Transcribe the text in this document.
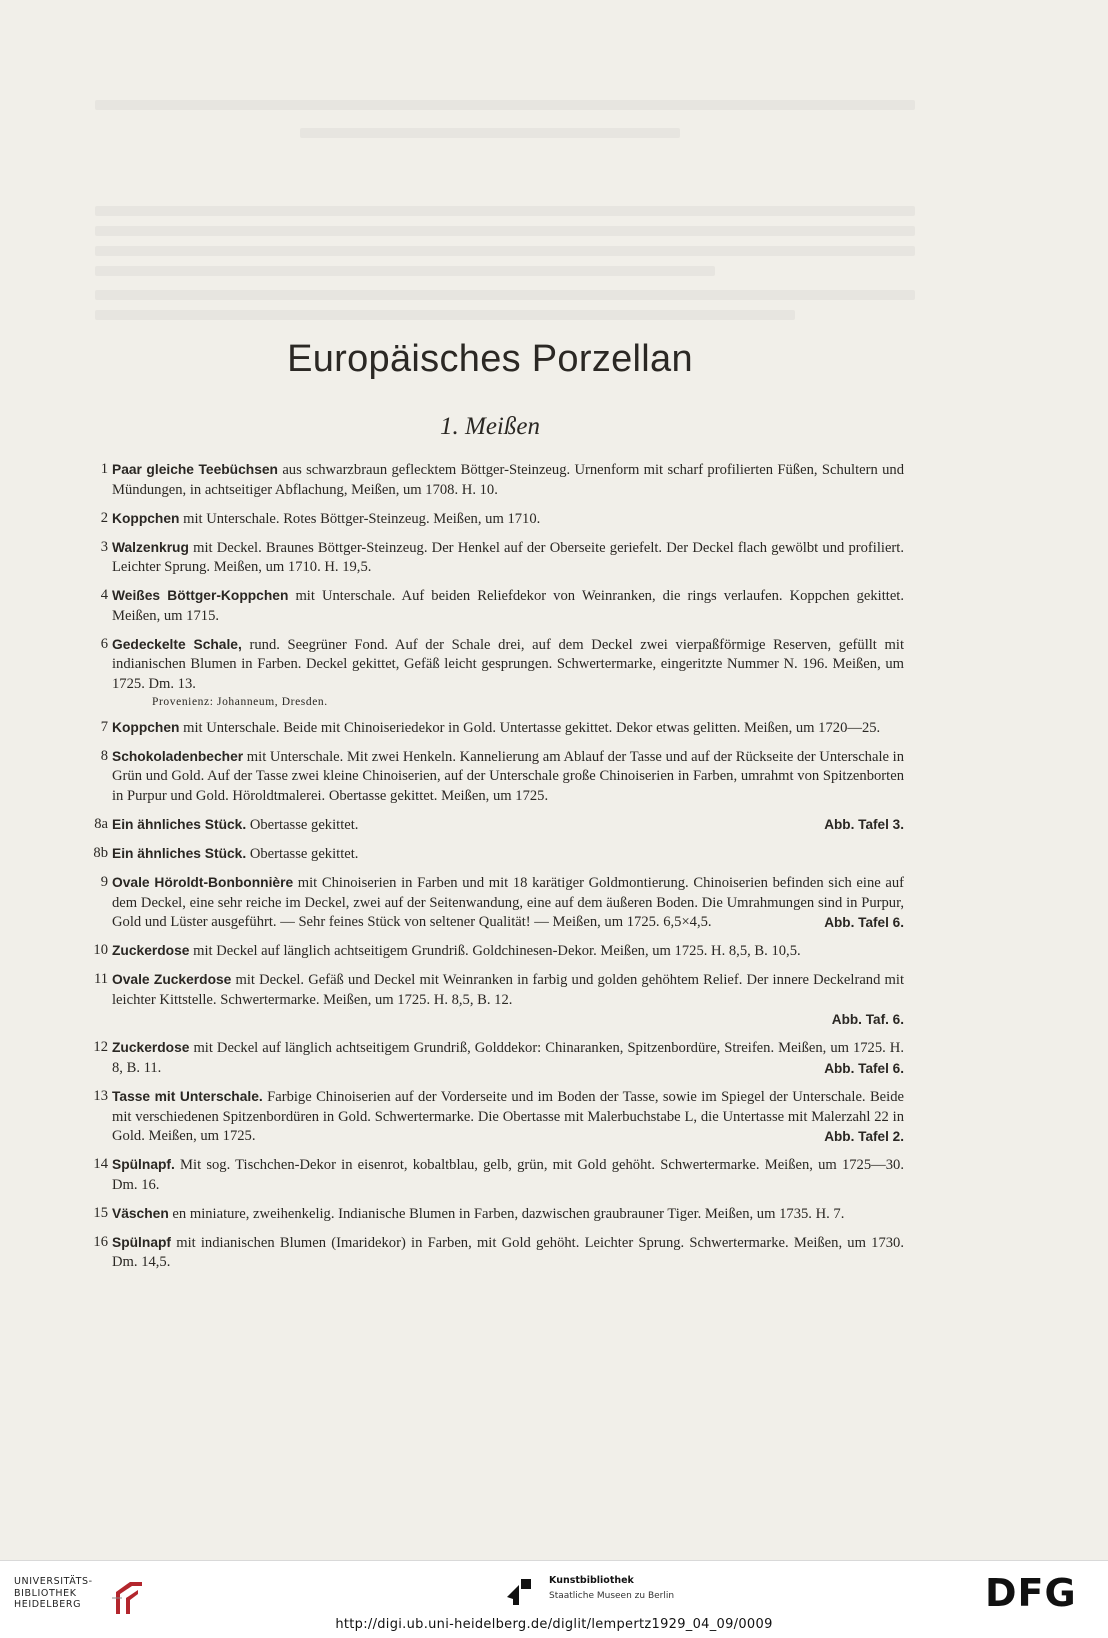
Europäisches Porzellan
1. Meißen
1 Paar gleiche Teebüchsen aus schwarzbraun geflecktem Böttger-Steinzeug. Urnenform mit scharf profilierten Füßen, Schultern und Mündungen, in achtseitiger Abflachung, Meißen, um 1708. H. 10.
2 Koppchen mit Unterschale. Rotes Böttger-Steinzeug. Meißen, um 1710.
3 Walzenkrug mit Deckel. Braunes Böttger-Steinzeug. Der Henkel auf der Oberseite geriefelt. Der Deckel flach gewölbt und profiliert. Leichter Sprung. Meißen, um 1710. H. 19,5.
4 Weißes Böttger-Koppchen mit Unterschale. Auf beiden Reliefdekor von Weinranken, die rings verlaufen. Koppchen gekittet. Meißen, um 1715.
6 Gedeckelte Schale, rund. Seegrüner Fond. Auf der Schale drei, auf dem Deckel zwei vierpaßförmige Reserven, gefüllt mit indianischen Blumen in Farben. Deckel gekittet, Gefäß leicht gesprungen. Schwertermarke, eingeritzte Nummer N. 196. Meißen, um 1725. Dm. 13.
Provenienz: Johanneum, Dresden.
7 Koppchen mit Unterschale. Beide mit Chinoiseriedekor in Gold. Untertasse gekittet. Dekor etwas gelitten. Meißen, um 1720—25.
8 Schokoladenbecher mit Unterschale. Mit zwei Henkeln. Kannelierung am Ablauf der Tasse und auf der Rückseite der Unterschale in Grün und Gold. Auf der Tasse zwei kleine Chinoiserien, auf der Unterschale große Chinoiserien in Farben, umrahmt von Spitzenborten in Purpur und Gold. Höroldtmalerei. Obertasse gekittet. Meißen, um 1725.
8a Ein ähnliches Stück. Obertasse gekittet.	Abb. Tafel 3.
8b Ein ähnliches Stück. Obertasse gekittet.
9 Ovale Höroldt-Bonbonnière mit Chinoiserien in Farben und mit 18 karätiger Goldmontierung. Chinoiserien befinden sich eine auf dem Deckel, eine sehr reiche im Deckel, zwei auf der Seitenwandung, eine auf dem äußeren Boden. Die Umrahmungen sind in Purpur, Gold und Lüster ausgeführt. — Sehr feines Stück von seltener Qualität! — Meißen, um 1725. 6,5×4,5.	Abb. Tafel 6.
10 Zuckerdose mit Deckel auf länglich achtseitigem Grundriß. Goldchinesen-Dekor. Meißen, um 1725. H. 8,5, B. 10,5.
11 Ovale Zuckerdose mit Deckel. Gefäß und Deckel mit Weinranken in farbig und golden gehöhtem Relief. Der innere Deckelrand mit leichter Kittstelle. Schwertermarke. Meißen, um 1725. H. 8,5, B. 12.
Abb. Taf. 6.
12 Zuckerdose mit Deckel auf länglich achtseitigem Grundriß, Golddekor: Chinaranken, Spitzenbordüre, Streifen. Meißen, um 1725. H. 8, B. 11.	Abb. Tafel 6.
13 Tasse mit Unterschale. Farbige Chinoiserien auf der Vorderseite und im Boden der Tasse, sowie im Spiegel der Unterschale. Beide mit verschiedenen Spitzenbordüren in Gold. Schwertermarke. Die Obertasse mit Malerbuchstabe L, die Untertasse mit Malerzahl 22 in Gold. Meißen, um 1725.	Abb. Tafel 2.
14 Spülnapf. Mit sog. Tischchen-Dekor in eisenrot, kobaltblau, gelb, grün, mit Gold gehöht. Schwertermarke. Meißen, um 1725—30. Dm. 16.
15 Väschen en miniature, zweihenkelig. Indianische Blumen in Farben, dazwischen graubrauner Tiger. Meißen, um 1735. H. 7.
16 Spülnapf mit indianischen Blumen (Imaridekor) in Farben, mit Gold gehöht. Leichter Sprung. Schwertermarke. Meißen, um 1730. Dm. 14,5.
UNIVERSITÄTS-
BIBLIOTHEK
HEIDELBERG
Kunstbibliothek
Staatliche Museen zu Berlin	DFG
http://digi.ub.uni-heidelberg.de/diglit/lempertz1929_04_09/0009
